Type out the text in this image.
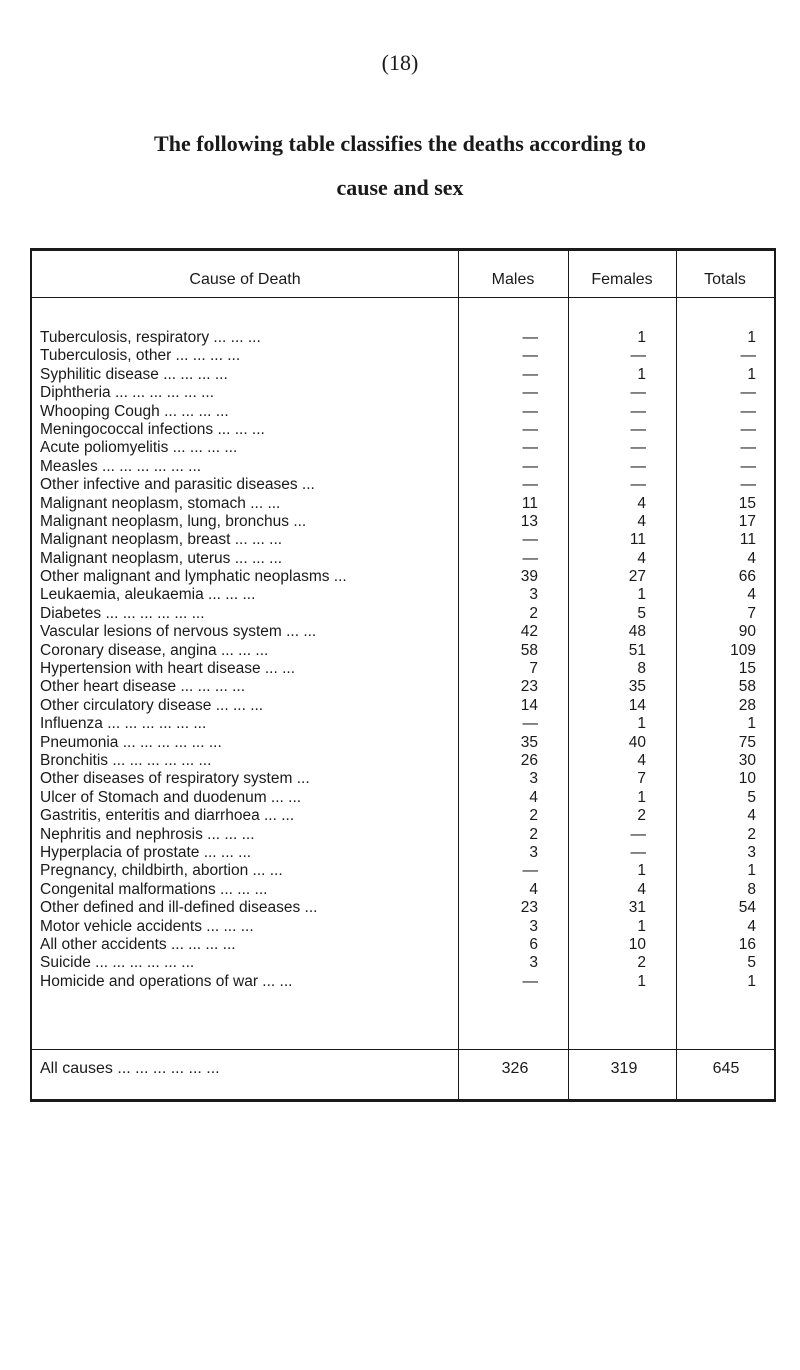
(18)
The following table classifies the deaths according to
cause and sex
Cause of Death	Males	Females	Totals
Tuberculosis, respiratory ... ... ...	—	1	1
Tuberculosis, other ... ... ... ...	—	—	—
Syphilitic disease ... ... ... ...	—	1	1
Diphtheria ... ... ... ... ... ...	—	—	—
Whooping Cough ... ... ... ...	—	—	—
Meningococcal infections ... ... ...	—	—	—
Acute poliomyelitis ... ... ... ...	—	—	—
Measles ... ... ... ... ... ...	—	—	—
Other infective and parasitic diseases ...	—	—	—
Malignant neoplasm, stomach ... ...	11	4	15
Malignant neoplasm, lung, bronchus ...	13	4	17
Malignant neoplasm, breast ... ... ...	—	11	11
Malignant neoplasm, uterus ... ... ...	—	4	4
Other malignant and lymphatic neoplasms ...	39	27	66
Leukaemia, aleukaemia ... ... ...	3	1	4
Diabetes ... ... ... ... ... ...	2	5	7
Vascular lesions of nervous system ... ...	42	48	90
Coronary disease, angina ... ... ...	58	51	109
Hypertension with heart disease ... ...	7	8	15
Other heart disease ... ... ... ...	23	35	58
Other circulatory disease ... ... ...	14	14	28
Influenza ... ... ... ... ... ...	—	1	1
Pneumonia ... ... ... ... ... ...	35	40	75
Bronchitis ... ... ... ... ... ...	26	4	30
Other diseases of respiratory system ...	3	7	10
Ulcer of Stomach and duodenum ... ...	4	1	5
Gastritis, enteritis and diarrhoea ... ...	2	2	4
Nephritis and nephrosis ... ... ...	2	—	2
Hyperplacia of prostate ... ... ...	3	—	3
Pregnancy, childbirth, abortion ... ...	—	1	1
Congenital malformations ... ... ...	4	4	8
Other defined and ill-defined diseases ...	23	31	54
Motor vehicle accidents ... ... ...	3	1	4
All other accidents ... ... ... ...	6	10	16
Suicide ... ... ... ... ... ...	3	2	5
Homicide and operations of war ... ...	—	1	1
All causes ... ... ... ... ... ...	326	319	645
